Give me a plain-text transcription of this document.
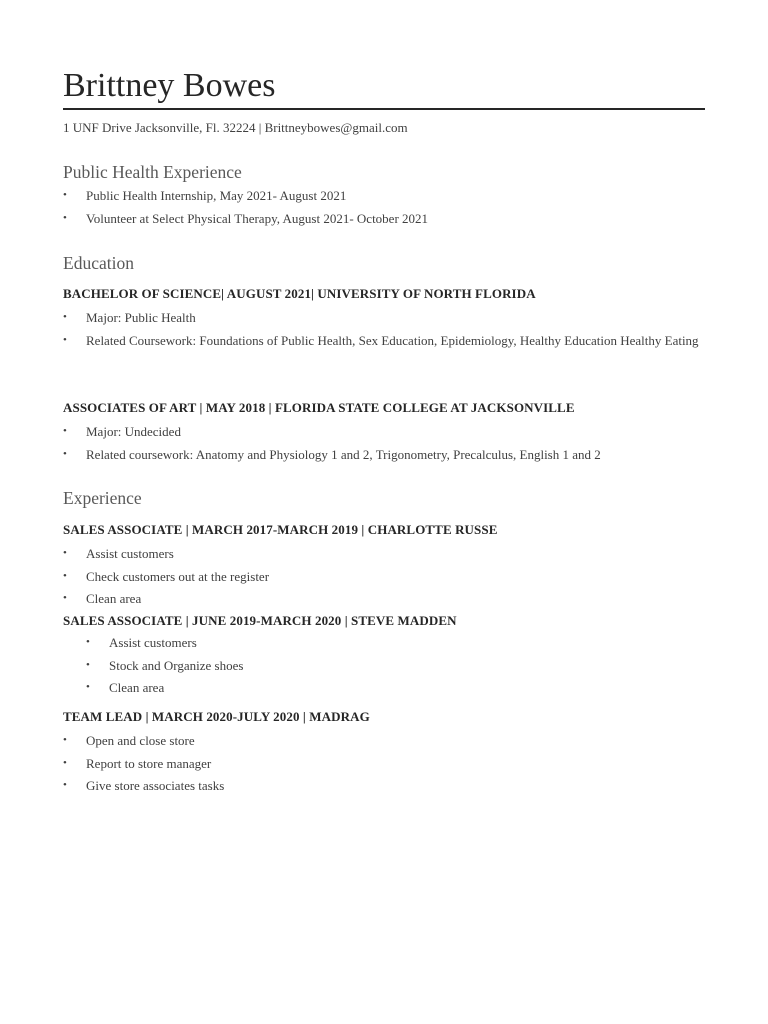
Brittney Bowes
1 UNF Drive Jacksonville, Fl. 32224 | Brittneybowes@gmail.com
Public Health Experience
•	Public Health Internship, May 2021- August 2021
•	Volunteer at Select Physical Therapy, August 2021- October 2021
Education
BACHELOR OF SCIENCE| AUGUST 2021| UNIVERSITY OF NORTH FLORIDA
•	Major: Public Health
•	Related Coursework: Foundations of Public Health, Sex Education, Epidemiology, Healthy Education Healthy Eating
ASSOCIATES OF ART | MAY 2018 | FLORIDA STATE COLLEGE AT JACKSONVILLE
•	Major: Undecided
•	Related coursework: Anatomy and Physiology 1 and 2, Trigonometry, Precalculus, English 1 and 2
Experience
SALES ASSOCIATE | MARCH 2017-MARCH 2019 | CHARLOTTE RUSSE
•	Assist customers
•	Check customers out at the register
•	Clean area
SALES ASSOCIATE | JUNE 2019-MARCH 2020 | STEVE MADDEN
•	Assist customers
•	Stock and Organize shoes
•	Clean area
TEAM LEAD | MARCH 2020-JULY 2020 | MADRAG
•	Open and close store
•	Report to store manager
•	Give store associates tasks
